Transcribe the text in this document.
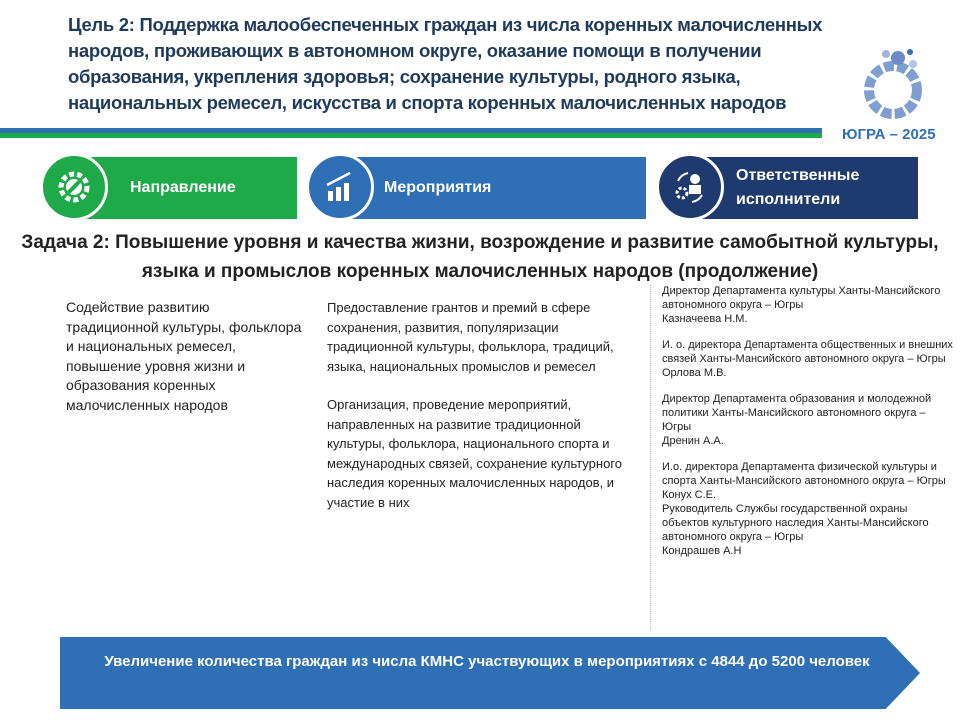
Цель 2: Поддержка малообеспеченных граждан из числа коренных малочисленных народов, проживающих в автономном округе, оказание помощи в получении образования, укрепления здоровья; сохранение культуры, родного языка, национальных ремесел, искусства и спорта коренных малочисленных народов
ЮГРА – 2025
Направление	Мероприятия
Ответственные исполнители
Задача 2: Повышение уровня и качества жизни, возрождение и развитие самобытной культуры, языка и промыслов коренных малочисленных народов (продолжение)
Содействие развитию традиционной культуры, фольклора и национальных ремесел, повышение уровня жизни и образования коренных малочисленных народов

Предоставление грантов и премий в сфере сохранения, развития, популяризации традиционной культуры, фольклора, традиций, языка, национальных промыслов и ремесел

Организация, проведение мероприятий, направленных на развитие традиционной культуры, фольклора, национального спорта и международных связей, сохранение культурного наследия коренных малочисленных народов, и участие в них

Директор Департамента культуры Ханты-Мансийского автономного округа – Югры
Казначеева Н.М.

И. о. директора Департамента общественных и внешних связей Ханты-Мансийского автономного округа – Югры
Орлова М.В.

Директор Департамента образования и молодежной политики Ханты-Мансийского автономного округа – Югры
Дренин А.А.

И.о. директора Департамента физической культуры и спорта Ханты-Мансийского автономного округа – Югры
Конух С.Е.
Руководитель Службы государственной охраны объектов культурного наследия Ханты-Мансийского автономного округа – Югры
Кондрашев А.Н

Увеличение количества граждан из числа КМНС участвующих в мероприятиях с 4844 до 5200 человек
